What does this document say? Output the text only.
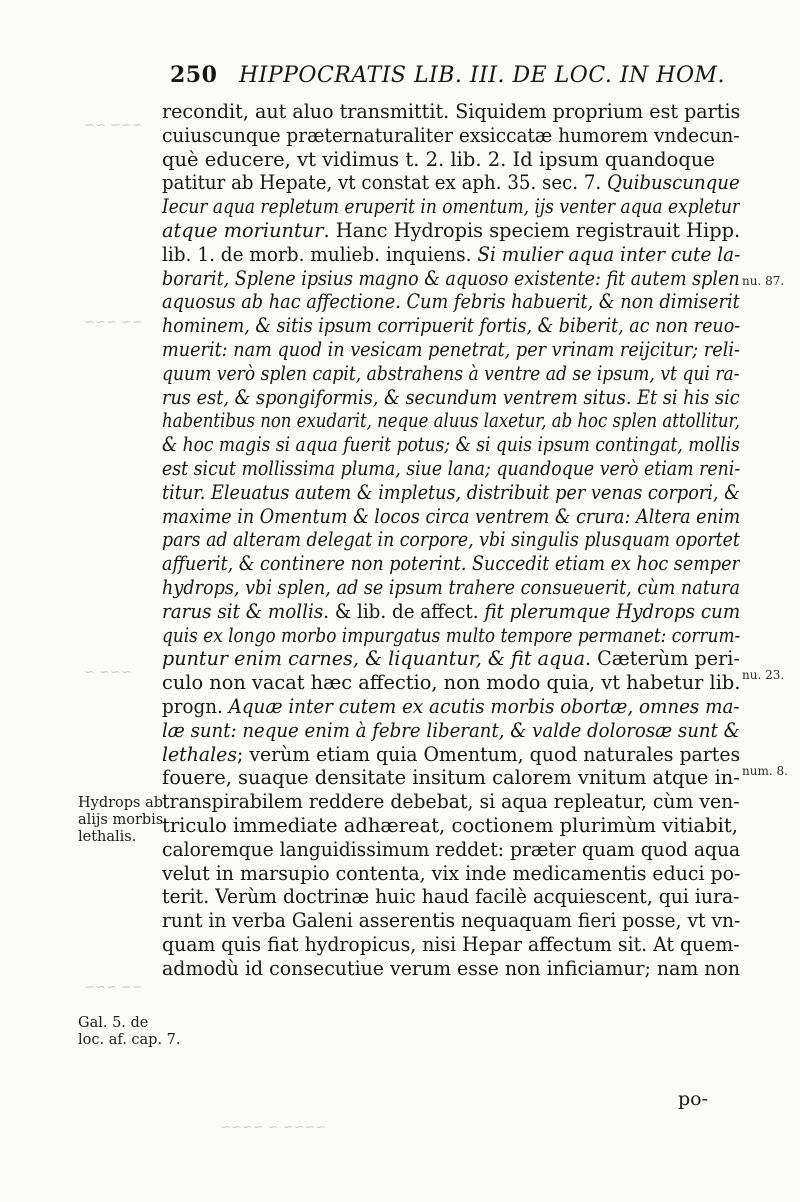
~~~ ~~
~~ ~~~
~~~ ~
~~ ~~~
~~~~ ~ ~~~~
250 HIPPOCRATIS LIB. III. DE LOC. IN HOM.
recondit, aut aluo transmittit. Siquidem proprium est partis
cuiuscunque præternaturaliter exsiccatæ humorem vndecun-
què educere, vt vidimus t. 2. lib. 2. Id ipsum quandoque
patitur ab Hepate, vt constat ex aph. 35. sec. 7. Quibuscunque
Iecur aqua repletum eruperit in omentum, ijs venter aqua expletur
atque moriuntur. Hanc Hydropis speciem registrauit Hipp.
lib. 1. de morb. mulieb. inquiens. Si mulier aqua inter cute la-
borarit, Splene ipsius magno & aquoso existente: fit autem splen
aquosus ab hac affectione. Cum febris habuerit, & non dimiserit
hominem, & sitis ipsum corripuerit fortis, & biberit, ac non reuo-
muerit: nam quod in vesicam penetrat, per vrinam reijcitur; reli-
quum verò splen capit, abstrahens à ventre ad se ipsum, vt qui ra-
rus est, & spongiformis, & secundum ventrem situs. Et si his sic
habentibus non exudarit, neque aluus laxetur, ab hoc splen attollitur,
& hoc magis si aqua fuerit potus; & si quis ipsum contingat, mollis
est sicut mollissima pluma, siue lana; quandoque verò etiam reni-
titur. Eleuatus autem & impletus, distribuit per venas corpori, &
maxime in Omentum & locos circa ventrem & crura: Altera enim
pars ad alteram delegat in corpore, vbi singulis plusquam oportet
affuerit, & continere non poterint. Succedit etiam ex hoc semper
hydrops, vbi splen, ad se ipsum trahere consueuerit, cùm natura
rarus sit & mollis. & lib. de affect. fit plerumque Hydrops cum
quis ex longo morbo impurgatus multo tempore permanet: corrum-
puntur enim carnes, & liquantur, & fit aqua. Cæterùm peri-
culo non vacat hæc affectio, non modo quia, vt habetur lib.
progn. Aquæ inter cutem ex acutis morbis obortæ, omnes ma-
læ sunt: neque enim à febre liberant, & valde dolorosæ sunt &
lethales; verùm etiam quia Omentum, quod naturales partes
fouere, suaque densitate insitum calorem vnitum atque in-
transpirabilem reddere debebat, si aqua repleatur, cùm ven-
triculo immediate adhæreat, coctionem plurimùm vitiabit,
caloremque languidissimum reddet: præter quam quod aqua
velut in marsupio contenta, vix inde medicamentis educi po-
terit. Verùm doctrinæ huic haud facilè acquiescent, qui iura-
runt in verba Galeni asserentis nequaquam fieri posse, vt vn-
quam quis fiat hydropicus, nisi Hepar affectum sit. At quem-
admodù id consecutiue verum esse non inficiamur; nam non
po-
Hydrops ab
alijs morbis
lethalis.
Gal. 5. de
loc. af. cap. 7.
nu. 87.
nu. 23.
num. 8.
